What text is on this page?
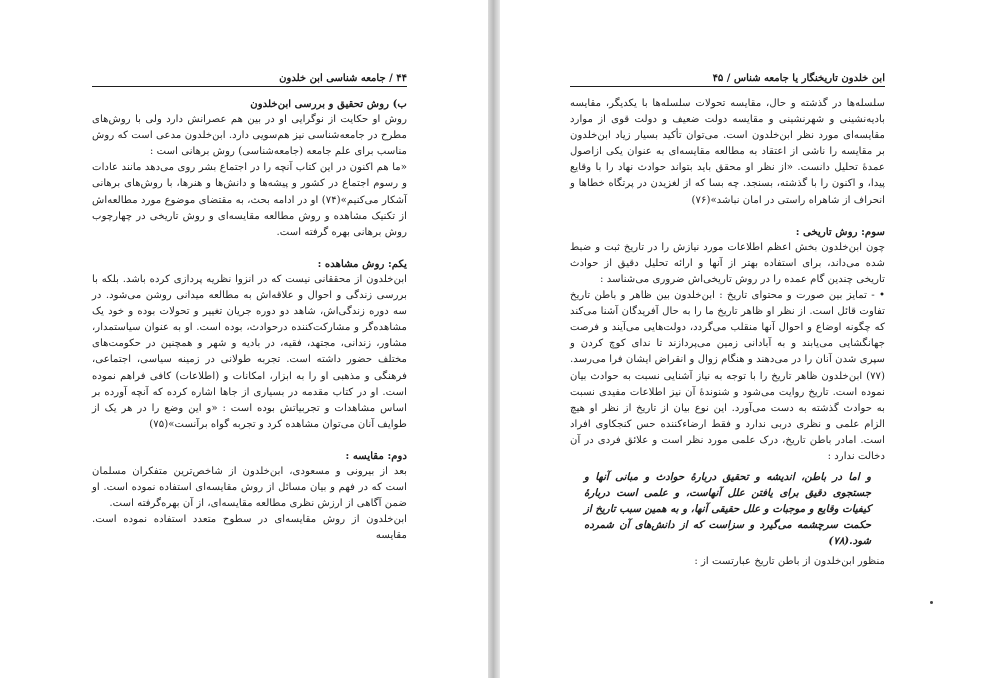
۴۴ / جامعه شناسی ابن خلدون

ب) روش تحقیق و بررسی ابن‌خلدون

روش او حکایت از نوگرایی او در بین هم عصرانش دارد ولی با روش‌های مطرح در جامعه‌شناسی نیز هم‌سویی دارد. ابن‌خلدون مدعی است که روش مناسب برای علم جامعه (جامعه‌شناسی) روش برهانی است :

«ما هم اکنون در این کتاب آنچه را در اجتماع بشر روی می‌دهد مانند عادات و رسوم اجتماع در کشور و پیشه‌ها و دانش‌ها و هنرها، با روش‌های برهانی آشکار می‌کنیم»(۷۴) او در ادامه بحث، به مقتضای موضوع مورد مطالعه‌اش از تکنیک مشاهده و روش مطالعه مقایسه‌ای و روش تاریخی در چهارچوب روش برهانی بهره گرفته است.

یکم: روش مشاهده :

ابن‌خلدون از محققانی نیست که در انزوا نظریه پردازی کرده باشد. بلکه با بررسی زندگی و احوال و علاقه‌اش به مطالعه میدانی روشن می‌شود. در سه دوره زندگی‌اش، شاهد دو دوره جریان تغییر و تحولات بوده و خود یک مشاهده‌گر و مشارکت‌کننده درحوادث، بوده است. او به عنوان سیاستمدار، مشاور، زندانی، مجتهد، فقیه، در بادیه و شهر و همچنین در حکومت‌های مختلف حضور داشته است. تجربه طولانی در زمینه سیاسی، اجتماعی، فرهنگی و مذهبی او را به ابزار، امکانات و (اطلاعات) کافی فراهم نموده است. او در کتاب مقدمه در بسیاری از جاها اشاره کرده که آنچه آورده بر اساس مشاهدات و تجربیاتش بوده است : «و این وضع را در هر یک از طوایف آنان می‌توان مشاهده کرد و تجربه گواه برآنست»(۷۵)

دوم: مقایسه :

بعد از بیرونی و مسعودی، ابن‌خلدون از شاخص‌ترین متفکران مسلمان است که در فهم و بیان مسائل از روش مقایسه‌ای استفاده نموده است. او ضمن آگاهی از ارزش نظری مطالعه مقایسه‌ای، از آن بهره‌گرفته است.

ابن‌خلدون از روش مقایسه‌ای در سطوح متعدد استفاده نموده است. مقایسه

ابن خلدون تاریخنگار یا جامعه شناس / ۴۵

سلسله‌ها در گذشته و حال، مقایسه تحولات سلسله‌ها با یکدیگر، مقایسه بادیه‌نشینی و شهرنشینی و مقایسه دولت ضعیف و دولت قوی از موارد مقایسه‌ای مورد نظر ابن‌خلدون است. می‌توان تأکید بسیار زیاد ابن‌خلدون بر مقایسه را ناشی از اعتقاد به مطالعه مقایسه‌ای به عنوان یکی ازاصول عمدهٔ تحلیل دانست. «از نظر او محقق باید بتواند حوادث نهاد را با وقایع پیدا، و اکنون را با گذشته، بسنجد. چه بسا که از لغزیدن در پرتگاه خطاها و انحراف از شاهراه راستی در امان نباشد»(۷۶)

سوم: روش تاریخی :

چون ابن‌خلدون بخش اعظم اطلاعات مورد نیازش را در تاریخ ثبت و ضبط شده می‌داند، برای استفاده بهتر از آنها و ارائه تحلیل دقیق از حوادث تاریخی چندین گام عمده را در روش تاریخی‌اش ضروری می‌شناسد :

• - تمایز بین صورت و محتوای تاریخ : ابن‌خلدون بین ظاهر و باطن تاریخ تفاوت قائل است. از نظر او ظاهر تاریخ ما را به حال آفریدگان آشنا می‌کند که چگونه اوضاع و احوال آنها منقلب می‌گردد، دولت‌هایی می‌آیند و فرصت جهانگشایی می‌یابند و به آبادانی زمین می‌پردازند تا ندای کوچ کردن و سپری شدن آنان را در می‌دهند و هنگام زوال و انقراض ایشان فرا می‌رسد.(۷۷) ابن‌خلدون ظاهر تاریخ را با توجه به نیاز آشنایی نسبت به حوادث بیان نموده است. تاریخ روایت می‌شود و شنوندهٔ آن نیز اطلاعات مفیدی نسبت به حوادث گذشته به دست می‌آورد. این نوع بیان از تاریخ از نظر او هیچ الزام علمی و نظری دربی ندارد و فقط ارضاءکننده حس کنجکاوی افراد است. امادر باطن تاریخ، درک علمی مورد نظر است و علائق فردی در آن دخالت ندارد :

و اما در باطن، اندیشه و تحقیق دربارهٔ حوادث و مبانی آنها و جستجوی دقیق برای یافتن علل آنهاست، و علمی است دربارهٔ کیفیات وقایع و موجبات و علل حقیقی آنها، و به همین سبب تاریخ از حکمت سرچشمه می‌گیرد و سزاست که از دانش‌های آن شمرده شود.(۷۸)

منظور ابن‌خلدون از باطن تاریخ عبارتست از :
